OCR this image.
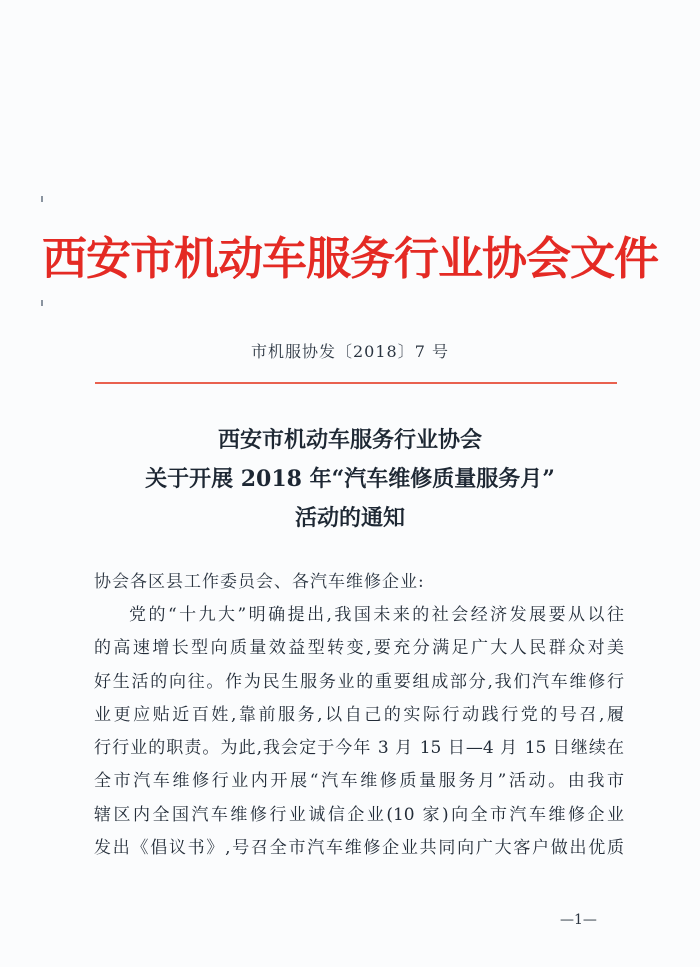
西安市机动车服务行业协会文件
市机服协发〔2018〕7 号
西安市机动车服务行业协会
关于开展 2018 年“汽车维修质量服务月”
活动的通知
协会各区县工作委员会、各汽车维修企业:
党的“十九大”明确提出,我国未来的社会经济发展要从以往
的高速增长型向质量效益型转变,要充分满足广大人民群众对美
好生活的向往。作为民生服务业的重要组成部分,我们汽车维修行
业更应贴近百姓,靠前服务,以自己的实际行动践行党的号召,履
行行业的职责。为此,我会定于今年 3 月 15 日—4 月 15 日继续在
全市汽车维修行业内开展“汽车维修质量服务月”活动。由我市
辖区内全国汽车维修行业诚信企业(10 家)向全市汽车维修企业
发出《倡议书》,号召全市汽车维修企业共同向广大客户做出优质
—1—
